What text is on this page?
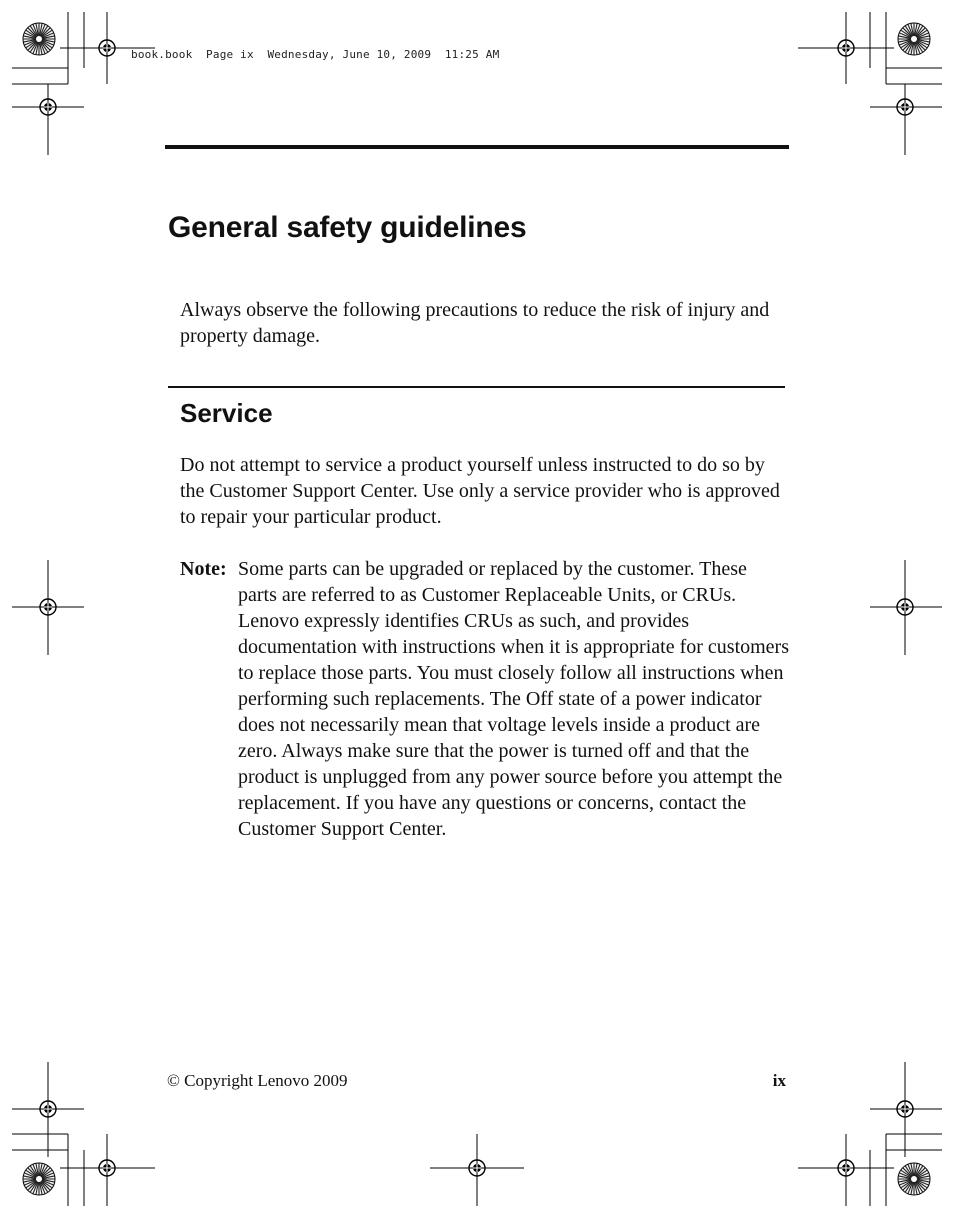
book.book  Page ix  Wednesday, June 10, 2009  11:25 AM
General safety guidelines

Always observe the following precautions to reduce the risk of injury and property damage.

Service

Do not attempt to service a product yourself unless instructed to do so by the Customer Support Center. Use only a service provider who is approved to repair your particular product.

Note: Some parts can be upgraded or replaced by the customer. These parts are referred to as Customer Replaceable Units, or CRUs. Lenovo expressly identifies CRUs as such, and provides documentation with instructions when it is appropriate for customers to replace those parts. You must closely follow all instructions when performing such replacements. The Off state of a power indicator does not necessarily mean that voltage levels inside a product are zero. Always make sure that the power is turned off and that the product is unplugged from any power source before you attempt the replacement. If you have any questions or concerns, contact the Customer Support Center.

© Copyright Lenovo 2009	ix
